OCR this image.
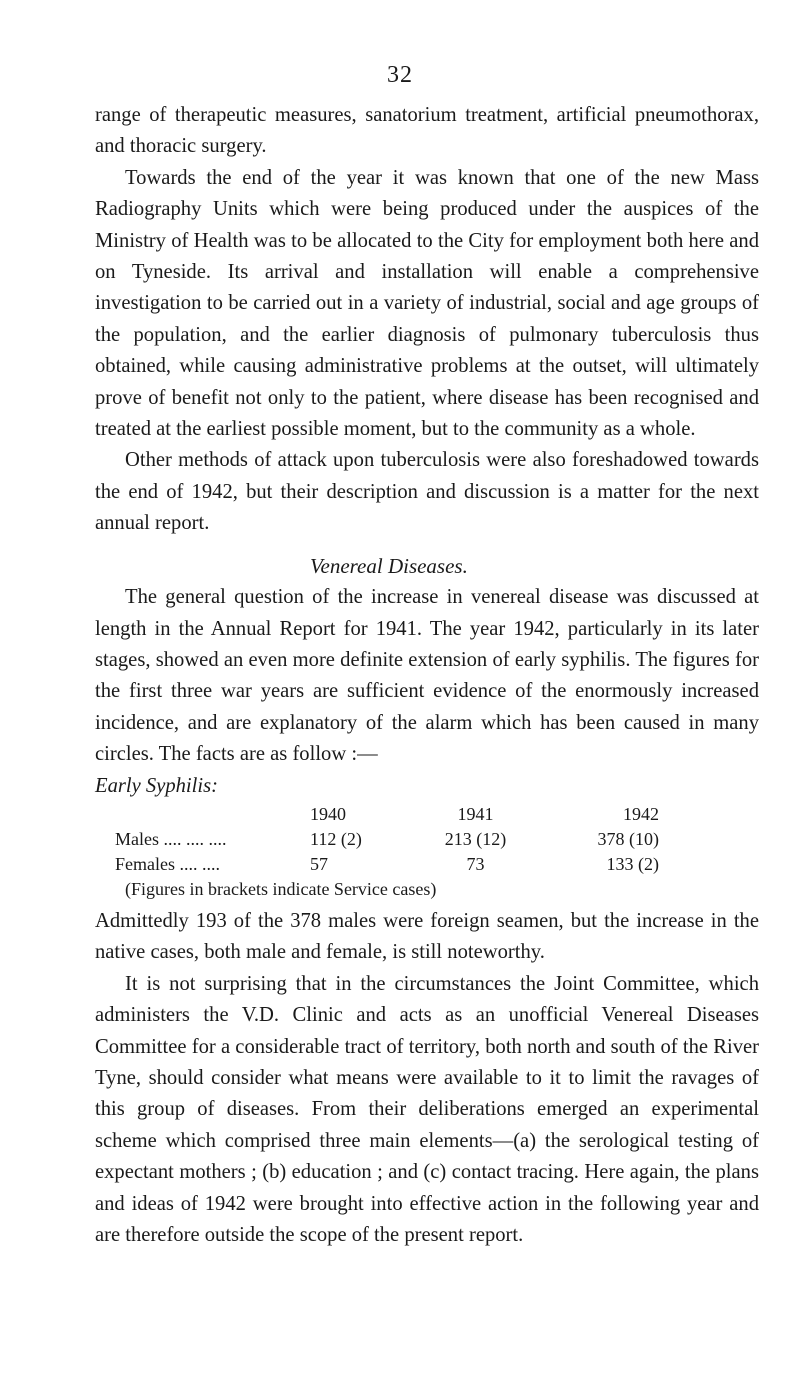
32

range of therapeutic measures, sanatorium treatment, artificial pneumothorax, and thoracic surgery.

Towards the end of the year it was known that one of the new Mass Radiography Units which were being produced under the auspices of the Ministry of Health was to be allocated to the City for employment both here and on Tyneside. Its arrival and installation will enable a comprehensive investigation to be carried out in a variety of industrial, social and age groups of the population, and the earlier diagnosis of pulmonary tuberculosis thus obtained, while causing administrative problems at the outset, will ultimately prove of benefit not only to the patient, where disease has been recognised and treated at the earliest possible moment, but to the community as a whole.

Other methods of attack upon tuberculosis were also foreshadowed towards the end of 1942, but their description and discussion is a matter for the next annual report.

Venereal Diseases.

The general question of the increase in venereal disease was discussed at length in the Annual Report for 1941. The year 1942, particularly in its later stages, showed an even more definite extension of early syphilis. The figures for the first three war years are sufficient evidence of the enormously increased incidence, and are explanatory of the alarm which has been caused in many circles. The facts are as follow :—

Early Syphilis:

	1940	1941	1942
Males .... .... ....	112 (2)	213 (12)	378 (10)
Females .... ....	57	73	133 (2)

(Figures in brackets indicate Service cases)

Admittedly 193 of the 378 males were foreign seamen, but the increase in the native cases, both male and female, is still noteworthy.

It is not surprising that in the circumstances the Joint Committee, which administers the V.D. Clinic and acts as an unofficial Venereal Diseases Committee for a considerable tract of territory, both north and south of the River Tyne, should consider what means were available to it to limit the ravages of this group of diseases. From their deliberations emerged an experimental scheme which comprised three main elements—(a) the serological testing of expectant mothers ; (b) education ; and (c) contact tracing. Here again, the plans and ideas of 1942 were brought into effective action in the following year and are therefore outside the scope of the present report.
